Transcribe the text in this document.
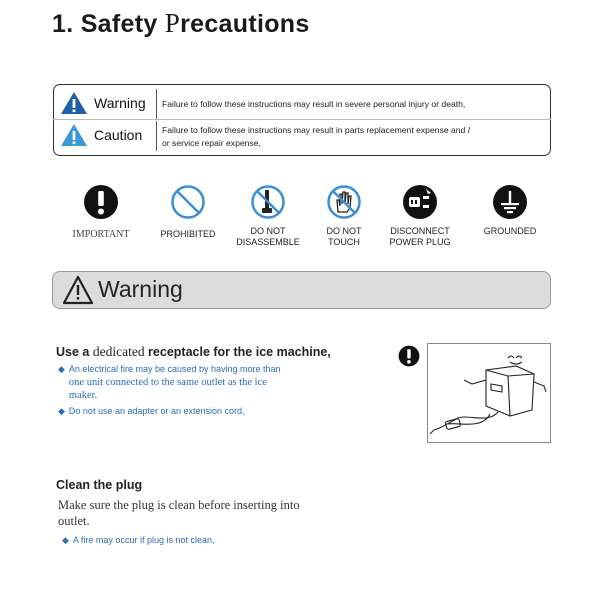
1. Safety Precautions
Warning Failure to follow these instructions may result in severe personal injury or death,
Caution Failure to follow these instructions may result in parts replacement expense and /
or service repair expense,
IMPORTANT	PROHIBITED	DO NOT
DISASSEMBLE
DO NOT
TOUCH
DISCONNECT
POWER PLUG
GROUNDED
Warning
Use a dedicated receptacle for the ice machine,
◆ An electrical fire may be caused by having more than
one unit connected to the same outlet as the ice
maker.
◆ Do not use an adapter or an extension cord,
Clean the plug
Make sure the plug is clean before inserting into
outlet.
◆ A fire may occur if plug is not clean,
